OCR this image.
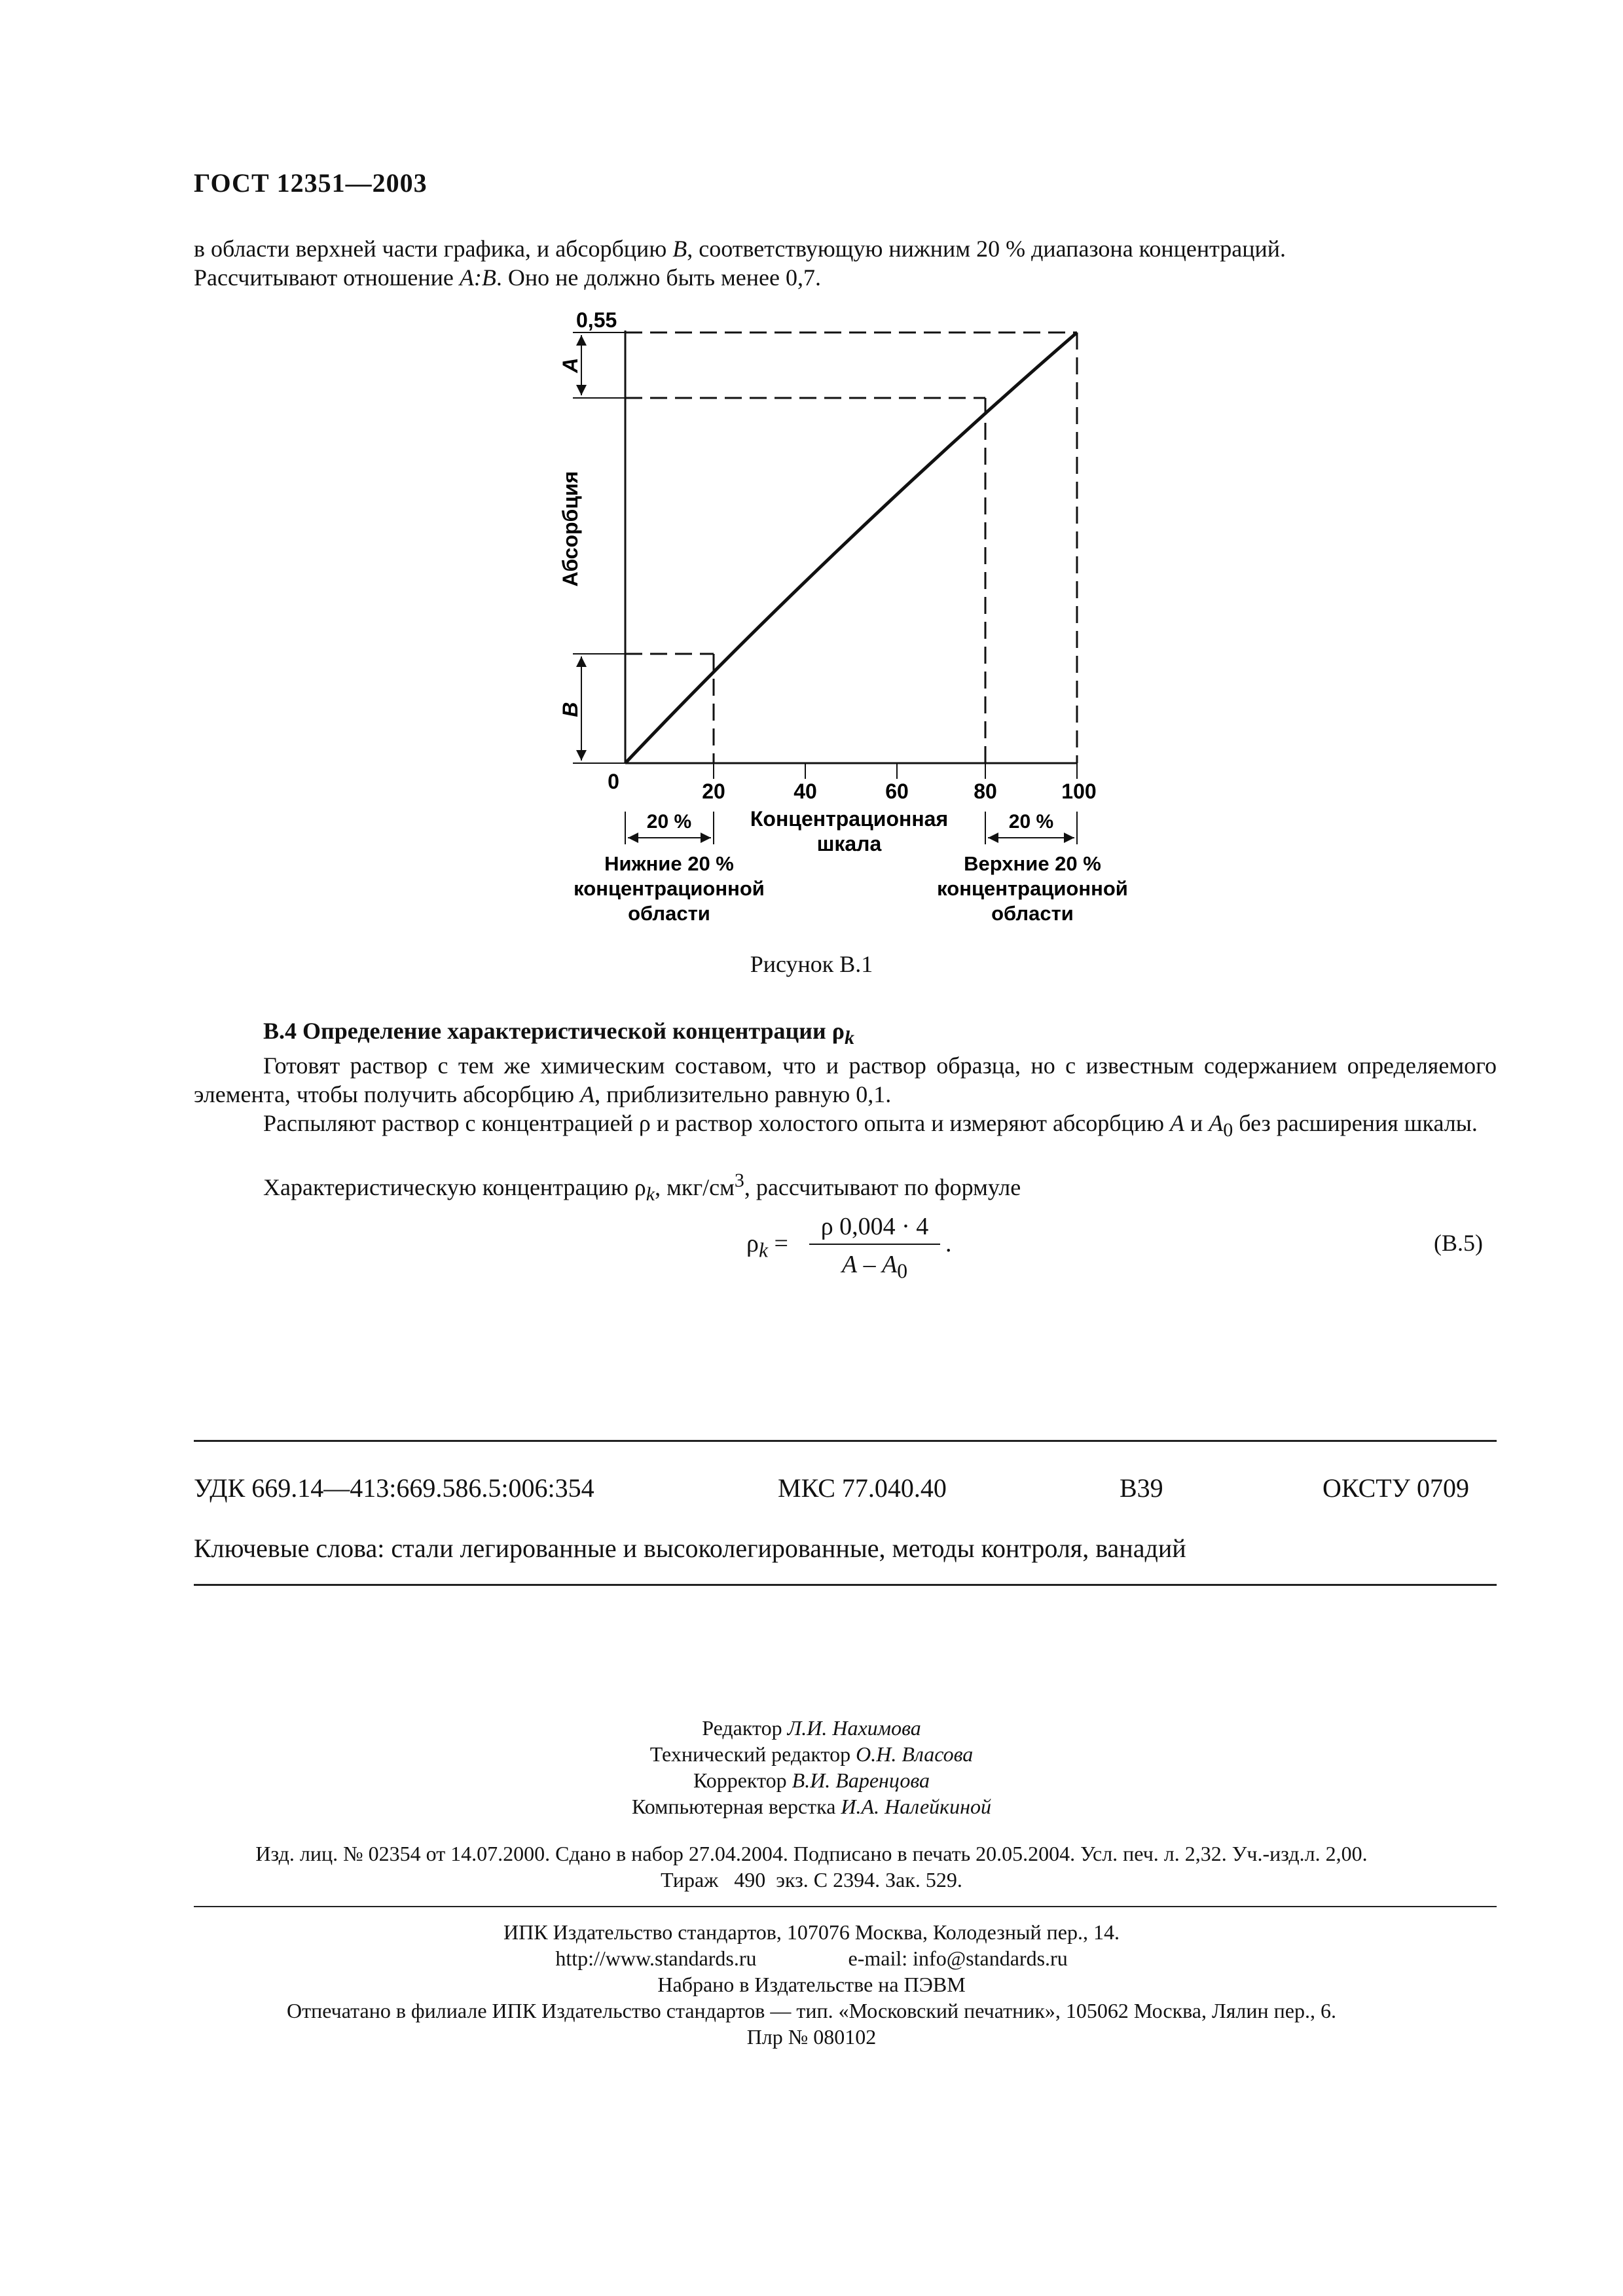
ГОСТ 12351—2003
в области верхней части графика, и абсорбцию В, соответствующую нижним 20 % диапазона концентраций.
Рассчитывают отношение А:В. Оно не должно быть менее 0,7.
0,55
Абсорбция
А
В
0	20	40	60	80	100
20 %	20 %
Концентрационная
шкала
Нижние 20 %
концентрационной
области
Верхние 20 %
концентрационной
области
Рисунок В.1
В.4 Определение характеристической концентрации $\rho_k$
Готовят раствор с тем же химическим составом, что и раствор образца, но с известным содержанием определяемого элемента, чтобы получить абсорбцию А, приблизительно равную 0,1.
Распыляют раствор с концентрацией ρ и раствор холостого опыта и измеряют абсорбцию А и $А_0$ без расширения шкалы.
Характеристическую концентрацию $\rho_k$, мкг/$см^3$, рассчитывают по формуле
$\rho_k$ =
ρ 0,004 · 4
A – $A_0$
.	(В.5)
УДК 669.14—413:669.586.5:006:354	МКС 77.040.40	В39	ОКСТУ 0709
Ключевые слова: стали легированные и высоколегированные, методы контроля, ванадий
Редактор Л.И. Нахимова
Технический редактор О.Н. Власова
Корректор В.И. Варенцова
Компьютерная верстка И.А. Налейкиной
Изд. лиц. № 02354 от 14.07.2000. Сдано в набор 27.04.2004. Подписано в печать 20.05.2004. Усл. печ. л. 2,32. Уч.-изд.л. 2,00.
Тираж   490  экз. С 2394. Зак. 529.
ИПК Издательство стандартов, 107076 Москва, Колодезный пер., 14.
http://www.standards.ru	e-mail: info@standards.ru
Набрано в Издательстве на ПЭВМ
Отпечатано в филиале ИПК Издательство стандартов — тип. «Московский печатник», 105062 Москва, Лялин пер., 6.
Плр № 080102
